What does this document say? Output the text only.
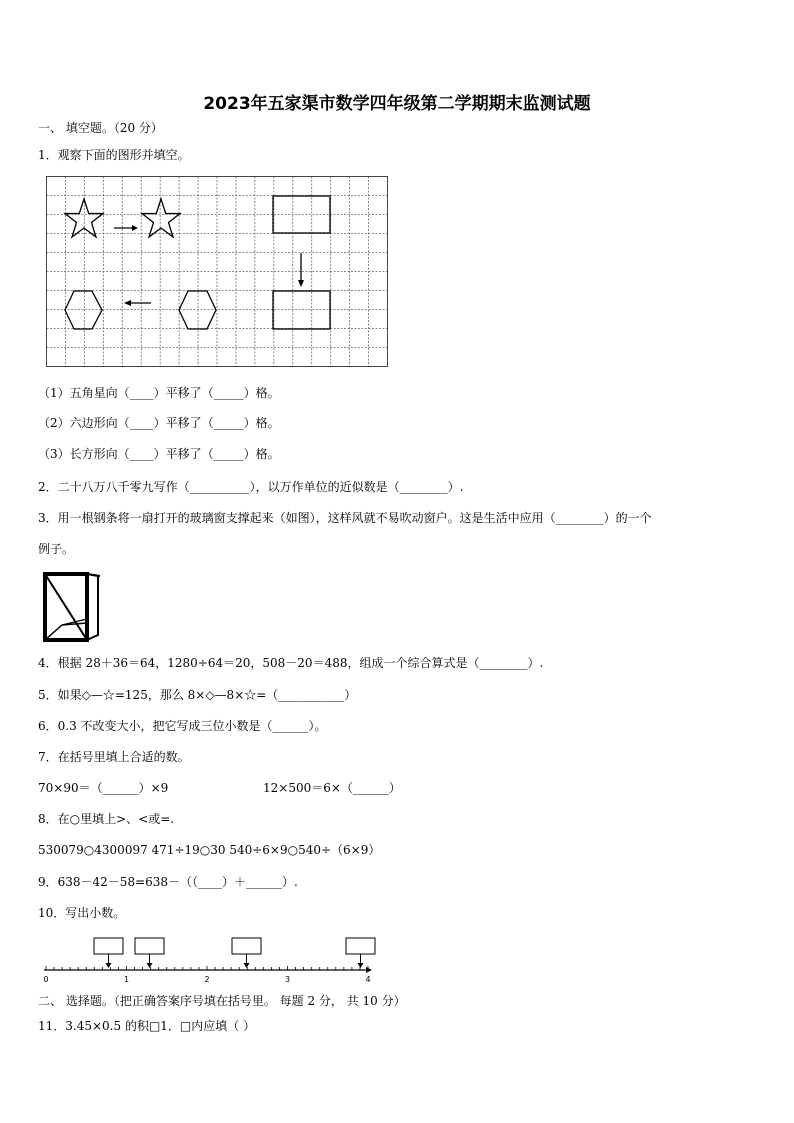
2023年五家渠市数学四年级第二学期期末监测试题
一、 填空题。（20 分）
1．观察下面的图形并填空。
（1）五角星向（____）平移了（_____）格。
（2）六边形向（____）平移了（_____）格。
（3）长方形向（____）平移了（_____）格。
2．二十八万八千零九写作（__________），以万作单位的近似数是（________）.
3．用一根钢条将一扇打开的玻璃窗支撑起来（如图），这样风就不易吹动窗户。这是生活中应用（________）的一个
例子。
4．根据 28＋36＝64，1280÷64＝20，508－20＝488，组成一个综合算式是（________）.
5．如果◇—☆=125，那么 8×◇—8×☆=（___________）
6．0.3 不改变大小，把它写成三位小数是（______）。
7．在括号里填上合适的数。
70×90＝（______）×9	12×500＝6×（______）
8．在○里填上>、<或=.
530079○4300097 471÷19○30 540÷6×9○540÷（6×9）
9．638－42－58=638－（（____）＋______）.
10．写出小数。
0	1	2	3	4
二、 选择题。（把正确答案序号填在括号里。 每题 2 分， 共 10 分）
11．3.45×0.5 的积□1．□内应填（ ）
